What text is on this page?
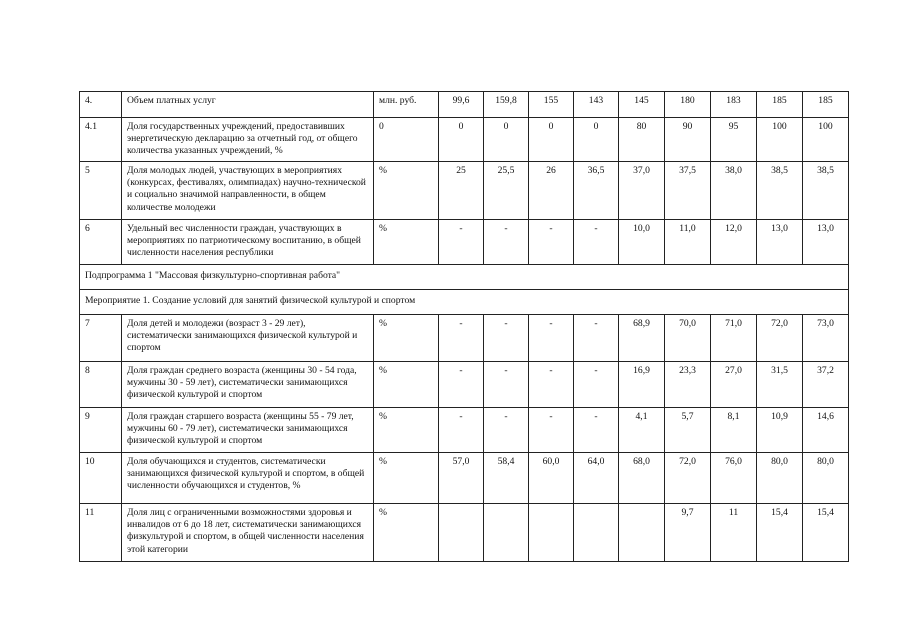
4.	Объем платных услуг	млн. руб.	99,6	159,8	155	143	145	180	183	185	185
4.1	Доля государственных учреждений, предоставивших энергетическую декларацию за отчетный год, от общего количества указанных учреждений, %	0	0	0	0	0	80	90	95	100	100
5	Доля молодых людей, участвующих в мероприятиях (конкурсах, фестивалях, олимпиадах) научно-технической и социально значимой направленности, в общем количестве молодежи	%	25	25,5	26	36,5	37,0	37,5	38,0	38,5	38,5
6	Удельный вес численности граждан, участвующих в мероприятиях по патриотическому воспитанию, в общей численности населения республики	%	-	-	-	-	10,0	11,0	12,0	13,0	13,0
Подпрограмма 1 "Массовая физкультурно-спортивная работа"											
Мероприятие 1. Создание условий для занятий физической культурой и спортом											
7	Доля детей и молодежи (возраст 3 - 29 лет), систематически занимающихся физической культурой и спортом	%	-	-	-	-	68,9	70,0	71,0	72,0	73,0
8	Доля граждан среднего возраста (женщины 30 - 54 года, мужчины 30 - 59 лет), систематически занимающихся физической культурой и спортом	%	-	-	-	-	16,9	23,3	27,0	31,5	37,2
9	Доля граждан старшего возраста (женщины 55 - 79 лет, мужчины 60 - 79 лет), систематически занимающихся физической культурой и спортом	%	-	-	-	-	4,1	5,7	8,1	10,9	14,6
10	Доля обучающихся и студентов, систематически занимающихся физической культурой и спортом, в общей численности обучающихся и студентов, %	%	57,0	58,4	60,0	64,0	68,0	72,0	76,0	80,0	80,0
11	Доля лиц с ограниченными возможностями здоровья и инвалидов от 6 до 18 лет, систематически занимающихся физкультурой и спортом, в общей численности населения этой категории	%						9,7	11	15,4	15,4
